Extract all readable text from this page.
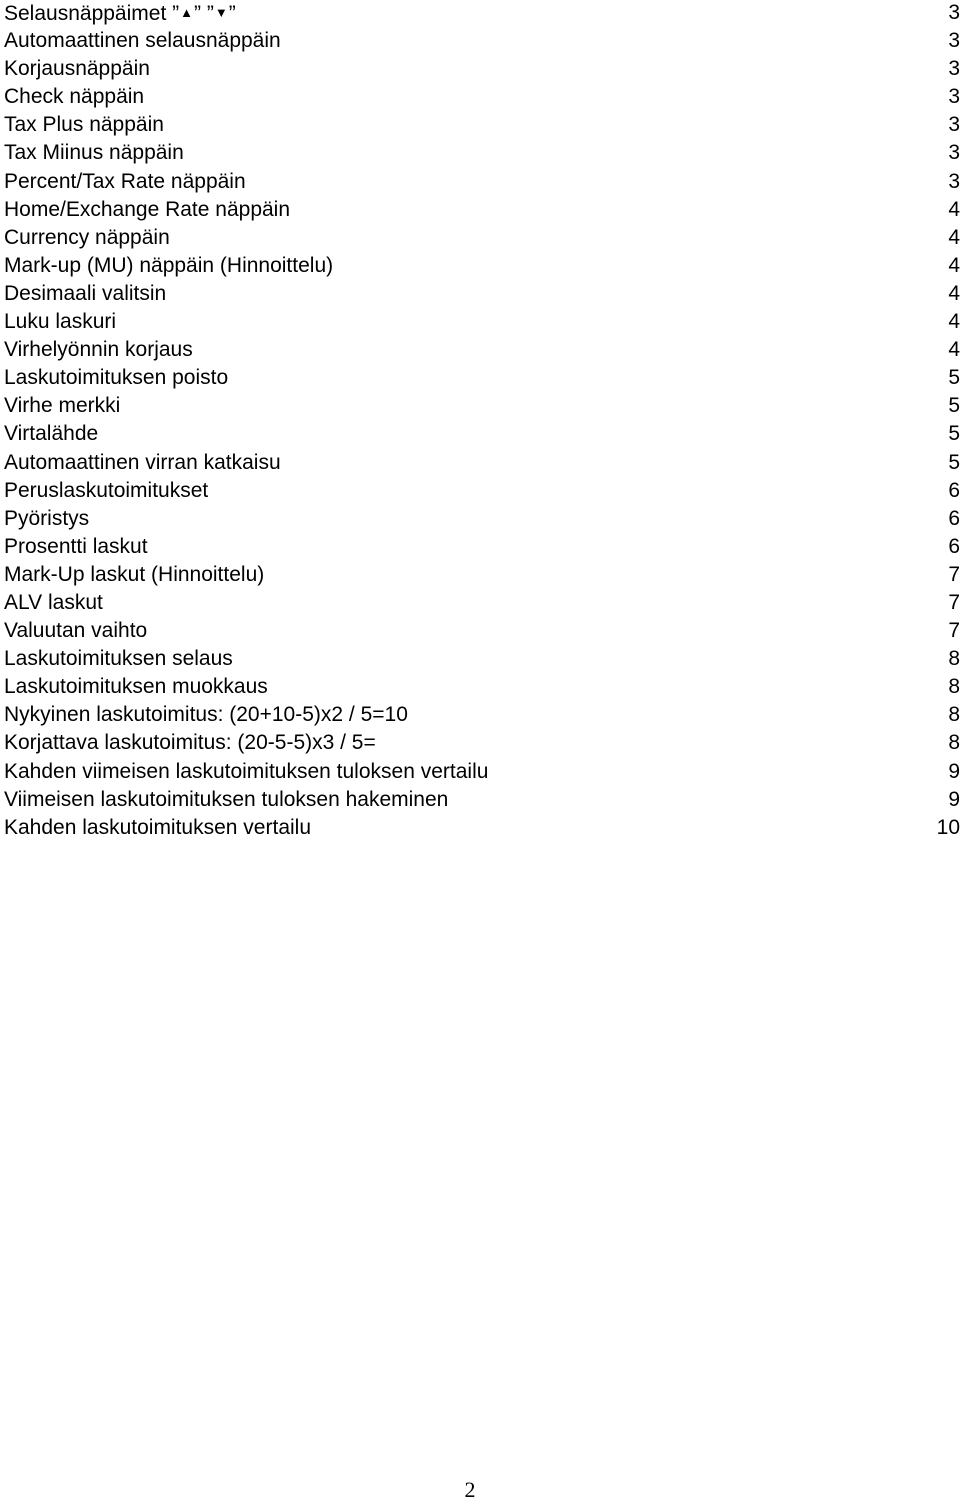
Selausnäppäimet ”▲” ”▼”	3
Automaattinen selausnäppäin	3
Korjausnäppäin	3
Check näppäin	3
Tax Plus näppäin	3
Tax Miinus näppäin	3
Percent/Tax Rate näppäin	3
Home/Exchange Rate näppäin	4
Currency näppäin	4
Mark-up (MU) näppäin (Hinnoittelu)	4
Desimaali valitsin	4
Luku laskuri	4
Virhelyönnin korjaus	4
Laskutoimituksen poisto	5
Virhe merkki	5
Virtalähde	5
Automaattinen virran katkaisu	5
Peruslaskutoimitukset	6
Pyöristys	6
Prosentti laskut	6
Mark-Up laskut (Hinnoittelu)	7
ALV laskut	7
Valuutan vaihto	7
Laskutoimituksen selaus	8
Laskutoimituksen muokkaus	8
Nykyinen laskutoimitus: (20+10-5)x2 / 5=10	8
Korjattava laskutoimitus: (20-5-5)x3 / 5=	8
Kahden viimeisen laskutoimituksen tuloksen vertailu	9
Viimeisen laskutoimituksen tuloksen hakeminen	9
Kahden laskutoimituksen vertailu	10
2
